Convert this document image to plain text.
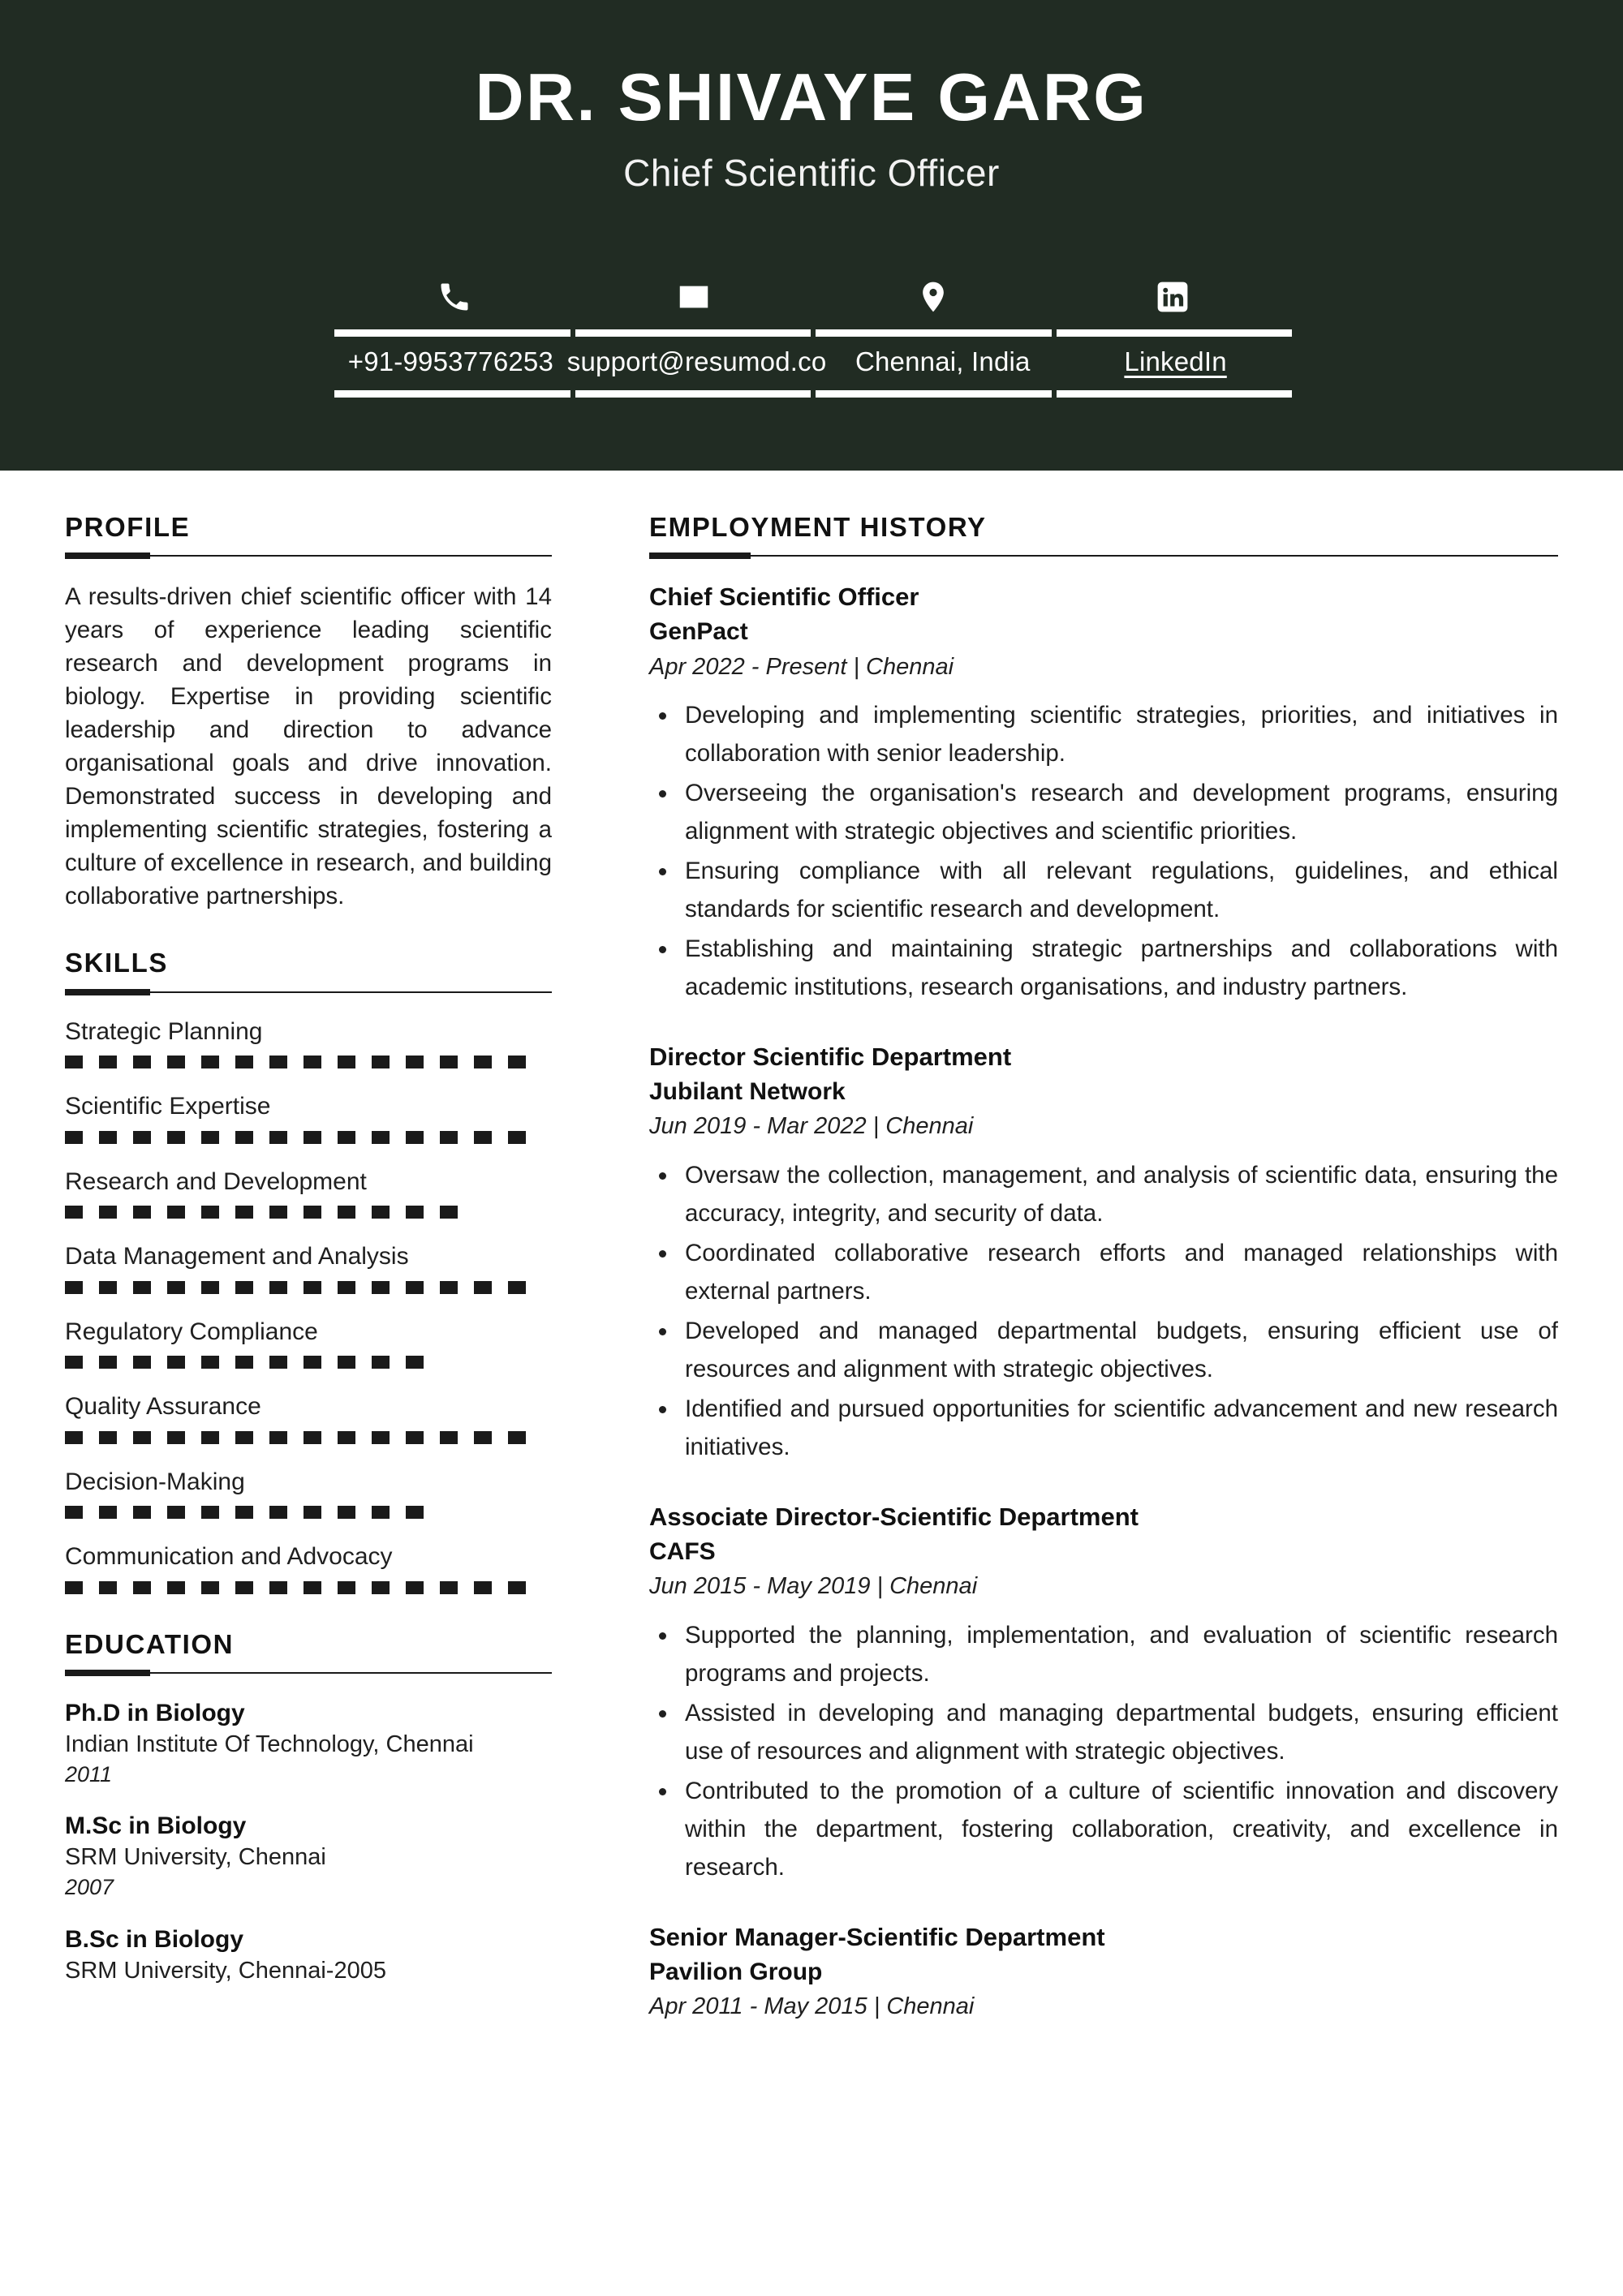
DR. SHIVAYE GARG
Chief Scientific Officer
+91-9953776253 support@resumod.co	Chennai, India	LinkedIn
PROFILE
A results-driven chief scientific officer with 14 years of experience leading scientific research and development programs in biology. Expertise in providing scientific leadership and direction to advance organisational goals and drive innovation. Demonstrated success in developing and implementing scientific strategies, fostering a culture of excellence in research, and building collaborative partnerships.
SKILLS
Strategic Planning
Scientific Expertise
Research and Development
Data Management and Analysis
Regulatory Compliance
Quality Assurance
Decision-Making
Communication and Advocacy
EDUCATION
Ph.D in Biology
Indian Institute Of Technology, Chennai
2011
M.Sc in Biology
SRM University, Chennai
2007
B.Sc in Biology
SRM University, Chennai-2005
EMPLOYMENT HISTORY
Chief Scientific Officer
GenPact
Apr 2022 - Present | Chennai
Developing and implementing scientific strategies, priorities, and initiatives in collaboration with senior leadership.
Overseeing the organisation's research and development programs, ensuring alignment with strategic objectives and scientific priorities.
Ensuring compliance with all relevant regulations, guidelines, and ethical standards for scientific research and development.
Establishing and maintaining strategic partnerships and collaborations with academic institutions, research organisations, and industry partners.
Director Scientific Department
Jubilant Network
Jun 2019 - Mar 2022 | Chennai
Oversaw the collection, management, and analysis of scientific data, ensuring the accuracy, integrity, and security of data.
Coordinated collaborative research efforts and managed relationships with external partners.
Developed and managed departmental budgets, ensuring efficient use of resources and alignment with strategic objectives.
Identified and pursued opportunities for scientific advancement and new research initiatives.
Associate Director-Scientific Department
CAFS
Jun 2015 - May 2019 | Chennai
Supported the planning, implementation, and evaluation of scientific research programs and projects.
Assisted in developing and managing departmental budgets, ensuring efficient use of resources and alignment with strategic objectives.
Contributed to the promotion of a culture of scientific innovation and discovery within the department, fostering collaboration, creativity, and excellence in research.
Senior Manager-Scientific Department
Pavilion Group
Apr 2011 - May 2015 | Chennai
